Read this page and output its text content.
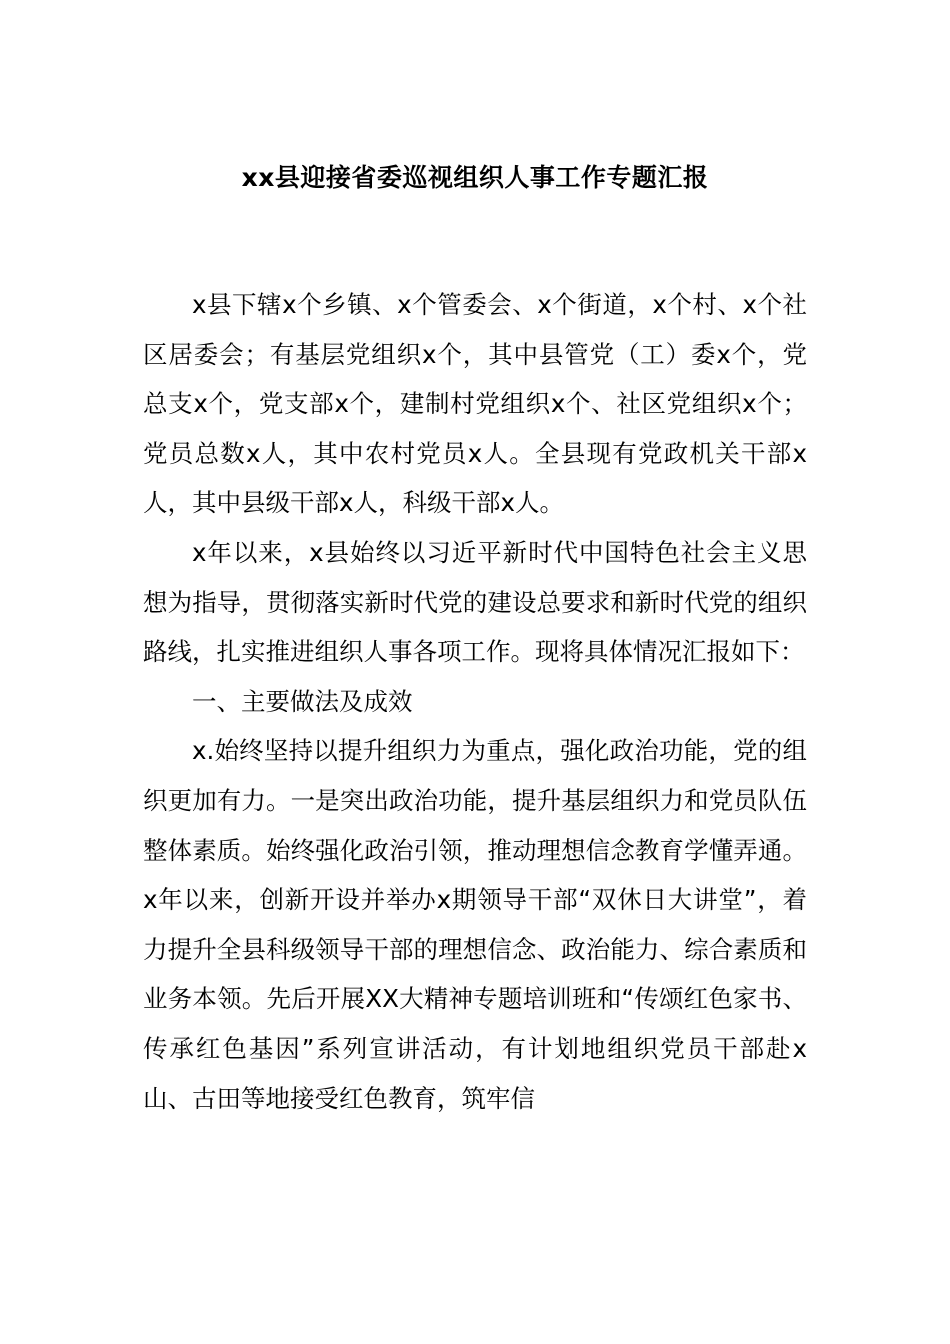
xx县迎接省委巡视组织人事工作专题汇报

x县下辖x个乡镇、x个管委会、x个街道，x个村、x个社区居委会；有基层党组织x个，其中县管党（工）委x个，党总支x个，党支部x个，建制村党组织x个、社区党组织x个；党员总数x人，其中农村党员x人。全县现有党政机关干部x人，其中县级干部x人，科级干部x人。

x年以来，x县始终以习近平新时代中国特色社会主义思想为指导，贯彻落实新时代党的建设总要求和新时代党的组织路线，扎实推进组织人事各项工作。现将具体情况汇报如下：

一、主要做法及成效

x.始终坚持以提升组织力为重点，强化政治功能，党的组织更加有力。一是突出政治功能，提升基层组织力和党员队伍整体素质。始终强化政治引领，推动理想信念教育学懂弄通。x年以来，创新开设并举办x期领导干部“双休日大讲堂”，着力提升全县科级领导干部的理想信念、政治能力、综合素质和业务本领。先后开展XX大精神专题培训班和“传颂红色家书、传承红色基因”系列宣讲活动，有计划地组织党员干部赴x山、古田等地接受红色教育，筑牢信
